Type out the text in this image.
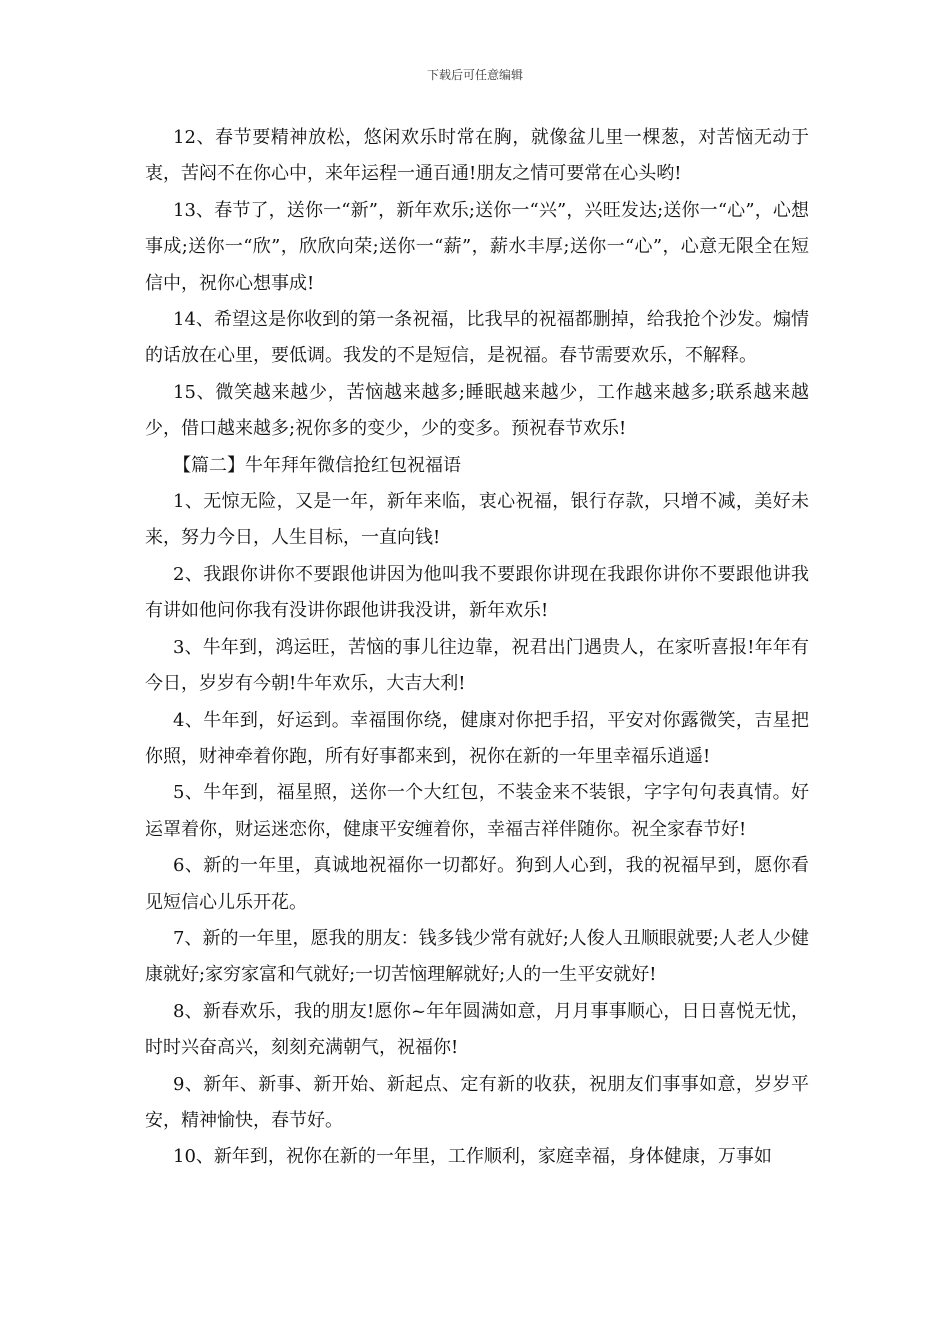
下载后可任意编辑

12、春节要精神放松，悠闲欢乐时常在胸，就像盆儿里一棵葱，对苦恼无动于衷，苦闷不在你心中，来年运程一通百通!朋友之情可要常在心头哟!

13、春节了，送你一“新”，新年欢乐;送你一“兴”，兴旺发达;送你一“心”，心想事成;送你一“欣”，欣欣向荣;送你一“薪”，薪水丰厚;送你一“心”，心意无限全在短信中，祝你心想事成!

14、希望这是你收到的第一条祝福，比我早的祝福都删掉，给我抢个沙发。煽情的话放在心里，要低调。我发的不是短信，是祝福。春节需要欢乐，不解释。

15、微笑越来越少，苦恼越来越多;睡眠越来越少，工作越来越多;联系越来越少，借口越来越多;祝你多的变少，少的变多。预祝春节欢乐!

【篇二】牛年拜年微信抢红包祝福语

1、无惊无险，又是一年，新年来临，衷心祝福，银行存款，只增不减，美好未来，努力今日，人生目标，一直向钱!

2、我跟你讲你不要跟他讲因为他叫我不要跟你讲现在我跟你讲你不要跟他讲我有讲如他问你我有没讲你跟他讲我没讲，新年欢乐!

3、牛年到，鸿运旺，苦恼的事儿往边靠，祝君出门遇贵人，在家听喜报!年年有今日，岁岁有今朝!牛年欢乐，大吉大利!

4、牛年到，好运到。幸福围你绕，健康对你把手招，平安对你露微笑，吉星把你照，财神牵着你跑，所有好事都来到，祝你在新的一年里幸福乐逍遥!

5、牛年到，福星照，送你一个大红包，不装金来不装银，字字句句表真情。好运罩着你，财运迷恋你，健康平安缠着你，幸福吉祥伴随你。祝全家春节好!

6、新的一年里，真诚地祝福你一切都好。狗到人心到，我的祝福早到，愿你看见短信心儿乐开花。

7、新的一年里，愿我的朋友：钱多钱少常有就好;人俊人丑顺眼就要;人老人少健康就好;家穷家富和气就好;一切苦恼理解就好;人的一生平安就好!

8、新春欢乐，我的朋友!愿你~年年圆满如意，月月事事顺心，日日喜悦无忧，时时兴奋高兴，刻刻充满朝气，祝福你!

9、新年、新事、新开始、新起点、定有新的收获，祝朋友们事事如意，岁岁平安，精神愉快，春节好。

10、新年到，祝你在新的一年里，工作顺利，家庭幸福，身体健康，万事如
